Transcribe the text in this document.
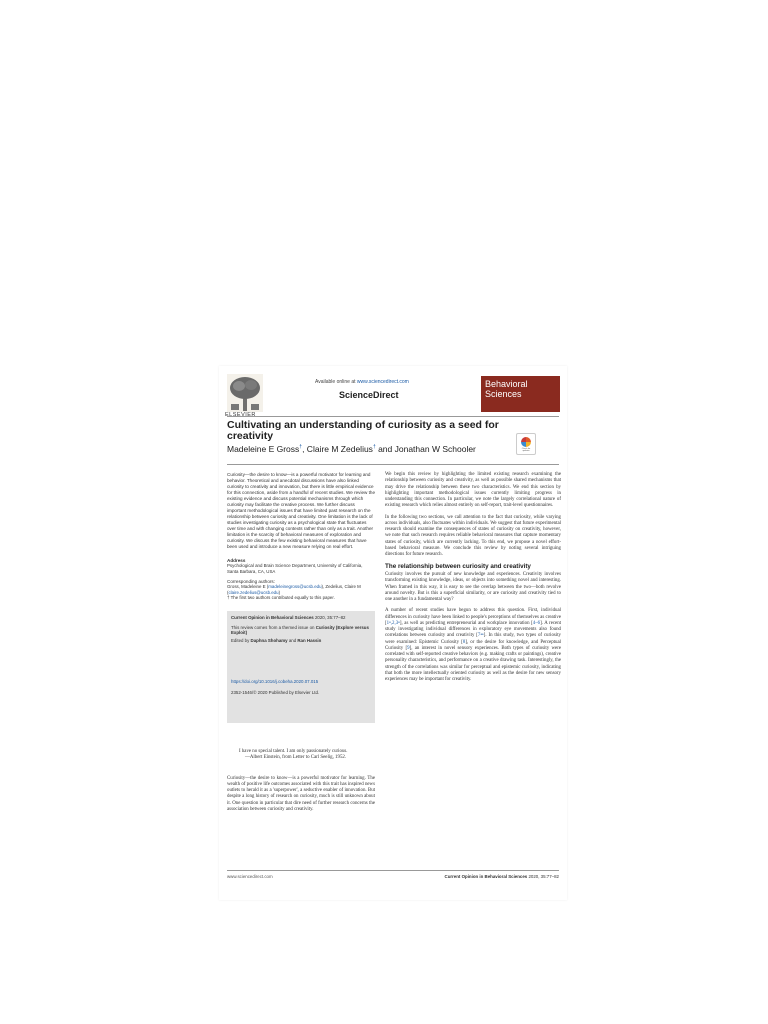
ELSEVIER
Available online at www.sciencedirect.com
ScienceDirect
Behavioral
Sciences
Cultivating an understanding of curiosity as a seed for creativity
Madeleine E Gross†, Claire M Zedelius† and Jonathan W Schooler	Check for updates
Curiosity—the desire to know—is a powerful motivator for learning and behavior. Theoretical and anecdotal discussions have also linked curiosity to creativity and innovation, but there is little empirical evidence for this connection, aside from a handful of recent studies. We review the existing evidence and discuss potential mechanisms through which curiosity may facilitate the creative process. We further discuss important methodological issues that have limited past research on the relationship between curiosity and creativity. One limitation is the lack of studies investigating curiosity as a psychological state that fluctuates over time and with changing contexts rather than only as a trait. Another limitation is the scarcity of behavioral measures of exploration and curiosity. We discuss the few existing behavioral measures that have been used and introduce a new measure relying on real effort.
Address
Psychological and Brain Science Department, University of California, Santa Barbara, CA, USA
Corresponding authors:
Gross, Madeleine E (madeleinegross@ucsb.edu), Zedelius, Claire M (claire.zedelius@ucsb.edu)
† The first two authors contributed equally to this paper.
Current Opinion in Behavioral Sciences 2020, 35:77–82
This review comes from a themed issue on Curiosity (Explore versus Exploit)
Edited by Daphna Shohamy and Ran Hassin
https://doi.org/10.1016/j.cobeha.2020.07.015
2352-1546/© 2020 Published by Elsevier Ltd.
I have no special talent. I am only passionately curious.
—Albert Einstein, from Letter to Carl Seelig, 1952.
Curiosity—the desire to know—is a powerful motivator for learning. The wealth of positive life outcomes associated with this trait has inspired news outlets to herald it as a 'superpower', a seductive enabler of innovation. But despite a long history of research on curiosity, much is still unknown about it. One question in particular that dire need of further research concerns the association between curiosity and creativity.

We begin this review by highlighting the limited existing research examining the relationship between curiosity and creativity, as well as possible shared mechanisms that may drive the relationship between these two characteristics. We end this section by highlighting important methodological issues currently limiting progress in understanding this connection. In particular, we note the largely correlational nature of existing research which relies almost entirely on self-report, trait-level questionnaires.

In the following two sections, we call attention to the fact that curiosity, while varying across individuals, also fluctuates within individuals. We suggest that future experimental research should examine the consequences of states of curiosity on creativity, however, we note that such research requires reliable behavioral measures that capture momentary states of curiosity, which are currently lacking. To this end, we propose a novel effort-based behavioral measure. We conclude this review by noting several intriguing directions for future research.

The relationship between curiosity and creativity

Curiosity involves the pursuit of new knowledge and experiences. Creativity involves transforming existing knowledge, ideas, or objects into something novel and interesting. When framed in this way, it is easy to see the overlap between the two—both revolve around novelty. But is this a superficial similarity, or are curiosity and creativity tied to one another in a fundamental way?

A number of recent studies have begun to address this question. First, individual differences in curiosity have been linked to people's perceptions of themselves as creative [1•,2,3•], as well as predicting entrepreneurial and workplace innovation [4–6]. A recent study investigating individual differences in exploratory eye movements also found correlations between curiosity and creativity [7••]. In this study, two types of curiosity were examined: Epistemic Curiosity [8], or the desire for knowledge, and Perceptual Curiosity [9], an interest in novel sensory experiences. Both types of curiosity were correlated with self-reported creative behaviors (e.g. making crafts or paintings), creative personality characteristics, and performance on a creative drawing task. Interestingly, the strength of the correlations was similar for perceptual and epistemic curiosity, indicating that both the more intellectually oriented curiosity as well as the desire for new sensory experiences may be important for creativity.

www.sciencedirect.com	Current Opinion in Behavioral Sciences 2020, 35:77–82
